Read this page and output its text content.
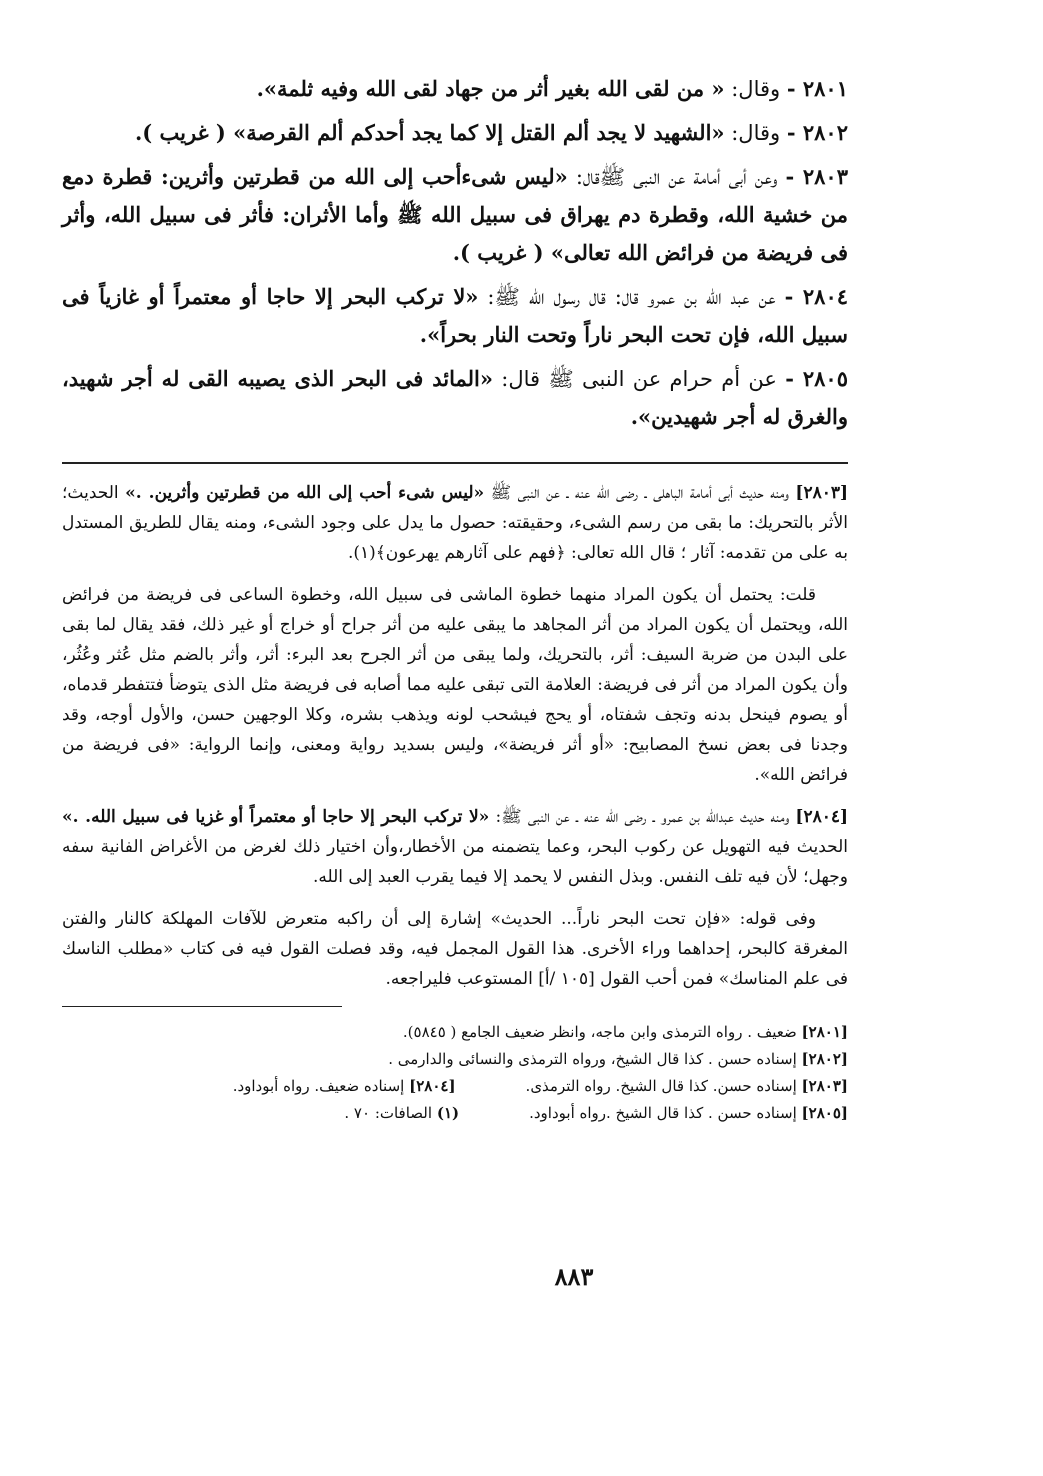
٢٨٠١ - وقال: « من لقى الله بغير أثر من جهاد لقى الله وفيه ثلمة».

٢٨٠٢ - وقال: «الشهيد لا يجد ألم القتل إلا كما يجد أحدكم ألم القرصة» ( غريب ).

٢٨٠٣ - وعن أبى أمامة عن النبى ﷺقال: «ليس شىءأحب إلى الله من قطرتين وأثرين: قطرة دمع من خشية الله، وقطرة دم يهراق فى سبيل الله ﷺ وأما الأثران: فأثر فى سبيل الله، وأثر فى فريضة من فرائض الله تعالى» ( غريب ).

٢٨٠٤ - عن عبد الله بن عمرو قال: قال رسول الله ﷺ: «لا تركب البحر إلا حاجا أو معتمراً أو غازياً فى سبيل الله، فإن تحت البحر ناراً وتحت النار بحراً».

٢٨٠٥ - عن أم حرام عن النبى ﷺ قال: «المائد فى البحر الذى يصيبه القى له أجر شهيد، والغرق له أجر شهيدين».

[٢٨٠٣] ومنه حديث أبى أمامة الباهلى ـ رضى الله عنه ـ عن النبى ﷺ «ليس شىء أحب إلى الله من قطرتين وأثرين. .» الحديث؛ الأثر بالتحريك: ما بقى من رسم الشىء، وحقيقته: حصول ما يدل على وجود الشىء، ومنه يقال للطريق المستدل به على من تقدمه: آثار ؛ قال الله تعالى: ﴿فهم على آثارهم يهرعون﴾(١).

قلت: يحتمل أن يكون المراد منهما خطوة الماشى فى سبيل الله، وخطوة الساعى فى فريضة من فرائض الله، ويحتمل أن يكون المراد من أثر المجاهد ما يبقى عليه من أثر جراح أو خراج أو غير ذلك، فقد يقال لما بقى على البدن من ضربة السيف: أثر، بالتحريك، ولما يبقى من أثر الجرح بعد البرء: أثر، وأثر بالضم مثل عُثر وعُثُر، وأن يكون المراد من أثر فى فريضة: العلامة التى تبقى عليه مما أصابه فى فريضة مثل الذى يتوضأ فتتفطر قدماه، أو يصوم فينحل بدنه وتجف شفتاه، أو يحج فيشحب لونه ويذهب بشره، وكلا الوجهين حسن، والأول أوجه، وقد وجدنا فى بعض نسخ المصابيح: «أو أثر فريضة»، وليس بسديد رواية ومعنى، وإنما الرواية: «فى فريضة من فرائض الله».

[٢٨٠٤] ومنه حديث عبدالله بن عمرو ـ رضى الله عنه ـ عن النبى ﷺ: «لا تركب البحر إلا حاجا أو معتمراً أو غزيا فى سبيل الله. .» الحديث فيه التهويل عن ركوب البحر، وعما يتضمنه من الأخطار،وأن اختيار ذلك لغرض من الأغراض الفانية سفه وجهل؛ لأن فيه تلف النفس. وبذل النفس لا يحمد إلا فيما يقرب العبد إلى الله.

وفى قوله: «فإن تحت البحر ناراً... الحديث» إشارة إلى أن راكبه متعرض للآفات المهلكة كالنار والفتن المغرقة كالبحر، إحداهما وراء الأخرى. هذا القول المجمل فيه، وقد فصلت القول فيه فى كتاب «مطلب الناسك فى علم المناسك» فمن أحب القول [١٠٥ /أ] المستوعب فليراجعه.

[٢٨٠١] ضعيف . رواه الترمذى وابن ماجه، وانظر ضعيف الجامع ( ٥٨٤٥).
[٢٨٠٢] إسناده حسن . كذا قال الشيخ، ورواه الترمذى والنسائى والدارمى .
[٢٨٠٣] إسناده حسن. كذا قال الشيخ. رواه الترمذى.
[٢٨٠٤] إسناده ضعيف. رواه أبوداود.
[٢٨٠٥] إسناده حسن . كذا قال الشيخ .رواه أبوداود.
(١) الصافات: ٧٠ .
٨٨٣
